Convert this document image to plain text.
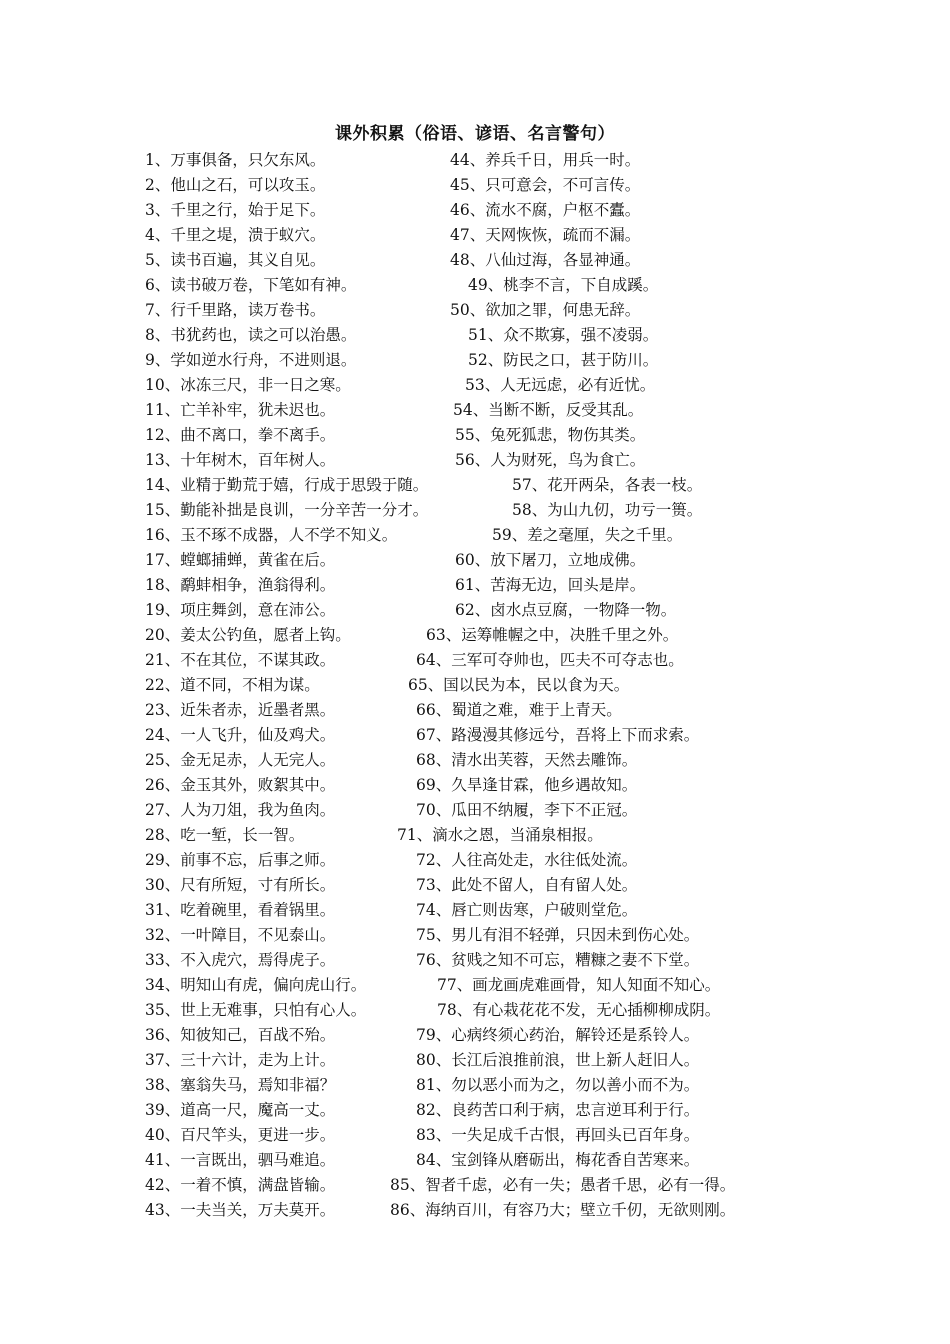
课外积累（俗语、谚语、名言警句）
1、万事俱备，只欠东风。	44、养兵千日，用兵一时。
2、他山之石，可以攻玉。	45、只可意会，不可言传。
3、千里之行，始于足下。	46、流水不腐，户枢不蠹。
4、千里之堤，溃于蚁穴。	47、天网恢恢，疏而不漏。
5、读书百遍，其义自见。	48、八仙过海，各显神通。
6、读书破万卷，下笔如有神。	49、桃李不言，下自成蹊。
7、行千里路，读万卷书。	50、欲加之罪，何患无辞。
8、书犹药也，读之可以治愚。	51、众不欺寡，强不凌弱。
9、学如逆水行舟，不进则退。	52、防民之口，甚于防川。
10、冰冻三尺，非一日之寒。	53、人无远虑，必有近忧。
11、亡羊补牢，犹未迟也。	54、当断不断，反受其乱。
12、曲不离口，拳不离手。	55、兔死狐悲，物伤其类。
13、十年树木，百年树人。	56、人为财死，鸟为食亡。
14、业精于勤荒于嬉，行成于思毁于随。	57、花开两朵，各表一枝。
15、勤能补拙是良训，一分辛苦一分才。	58、为山九仞，功亏一篑。
16、玉不琢不成器，人不学不知义。	59、差之毫厘，失之千里。
17、螳螂捕蝉，黄雀在后。	60、放下屠刀，立地成佛。
18、鹬蚌相争，渔翁得利。	61、苦海无边，回头是岸。
19、项庄舞剑，意在沛公。	62、卤水点豆腐，一物降一物。
20、姜太公钓鱼，愿者上钩。	63、运筹帷幄之中，决胜千里之外。
21、不在其位，不谋其政。	64、三军可夺帅也，匹夫不可夺志也。
22、道不同，不相为谋。	65、国以民为本，民以食为天。
23、近朱者赤，近墨者黑。	66、蜀道之难，难于上青天。
24、一人飞升，仙及鸡犬。	67、路漫漫其修远兮，吾将上下而求索。
25、金无足赤，人无完人。	68、清水出芙蓉，天然去雕饰。
26、金玉其外，败絮其中。	69、久旱逢甘霖，他乡遇故知。
27、人为刀俎，我为鱼肉。	70、瓜田不纳履，李下不正冠。
28、吃一堑，长一智。	71、滴水之恩，当涌泉相报。
29、前事不忘，后事之师。	72、人往高处走，水往低处流。
30、尺有所短，寸有所长。	73、此处不留人，自有留人处。
31、吃着碗里，看着锅里。	74、唇亡则齿寒，户破则堂危。
32、一叶障目，不见泰山。	75、男儿有泪不轻弹，只因未到伤心处。
33、不入虎穴，焉得虎子。	76、贫贱之知不可忘，糟糠之妻不下堂。
34、明知山有虎，偏向虎山行。	77、画龙画虎难画骨，知人知面不知心。
35、世上无难事，只怕有心人。	78、有心栽花花不发，无心插柳柳成阴。
36、知彼知己，百战不殆。	79、心病终须心药治，解铃还是系铃人。
37、三十六计，走为上计。	80、长江后浪推前浪，世上新人赶旧人。
38、塞翁失马，焉知非福？	81、勿以恶小而为之，勿以善小而不为。
39、道高一尺，魔高一丈。	82、良药苦口利于病，忠言逆耳利于行。
40、百尺竿头，更进一步。	83、一失足成千古恨，再回头已百年身。
41、一言既出，驷马难追。	84、宝剑锋从磨砺出，梅花香自苦寒来。
42、一着不慎，满盘皆输。	85、智者千虑，必有一失；愚者千思，必有一得。
43、一夫当关，万夫莫开。	86、海纳百川，有容乃大；壁立千仞，无欲则刚。
